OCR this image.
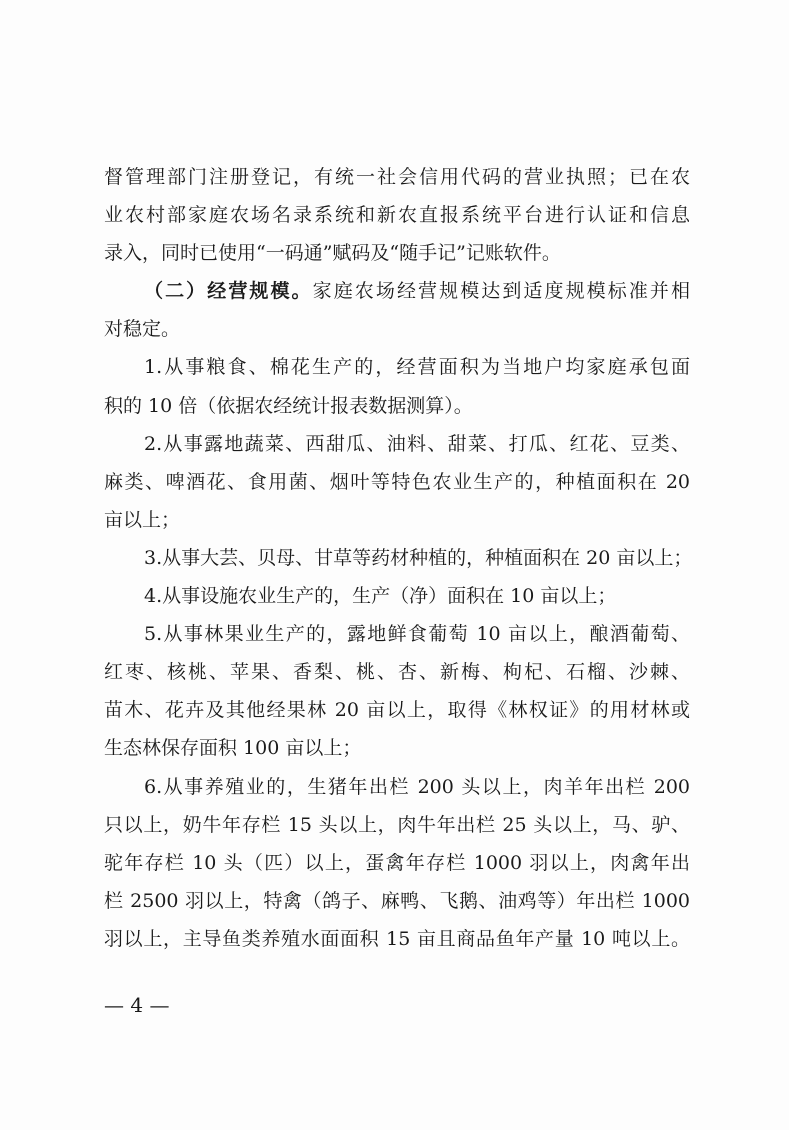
督管理部门注册登记，有统一社会信用代码的营业执照；已在农
业农村部家庭农场名录系统和新农直报系统平台进行认证和信息
录入，同时已使用“一码通”赋码及“随手记”记账软件。
（二）经营规模。家庭农场经营规模达到适度规模标准并相
对稳定。
1.从事粮食、棉花生产的，经营面积为当地户均家庭承包面
积的 10 倍（依据农经统计报表数据测算）。
2.从事露地蔬菜、西甜瓜、油料、甜菜、打瓜、红花、豆类、
麻类、啤酒花、食用菌、烟叶等特色农业生产的，种植面积在 20
亩以上；
3.从事大芸、贝母、甘草等药材种植的，种植面积在 20 亩以上；
4.从事设施农业生产的，生产（净）面积在 10 亩以上；
5.从事林果业生产的，露地鲜食葡萄 10 亩以上，酿酒葡萄、
红枣、核桃、苹果、香梨、桃、杏、新梅、枸杞、石榴、沙棘、
苗木、花卉及其他经果林 20 亩以上，取得《林权证》的用材林或
生态林保存面积 100 亩以上；
6.从事养殖业的，生猪年出栏 200 头以上，肉羊年出栏 200
只以上，奶牛年存栏 15 头以上，肉牛年出栏 25 头以上，马、驴、
驼年存栏 10 头（匹）以上，蛋禽年存栏 1000 羽以上，肉禽年出
栏 2500 羽以上，特禽（鸽子、麻鸭、飞鹅、油鸡等）年出栏 1000
羽以上，主导鱼类养殖水面面积 15 亩且商品鱼年产量 10 吨以上。
— 4 —
